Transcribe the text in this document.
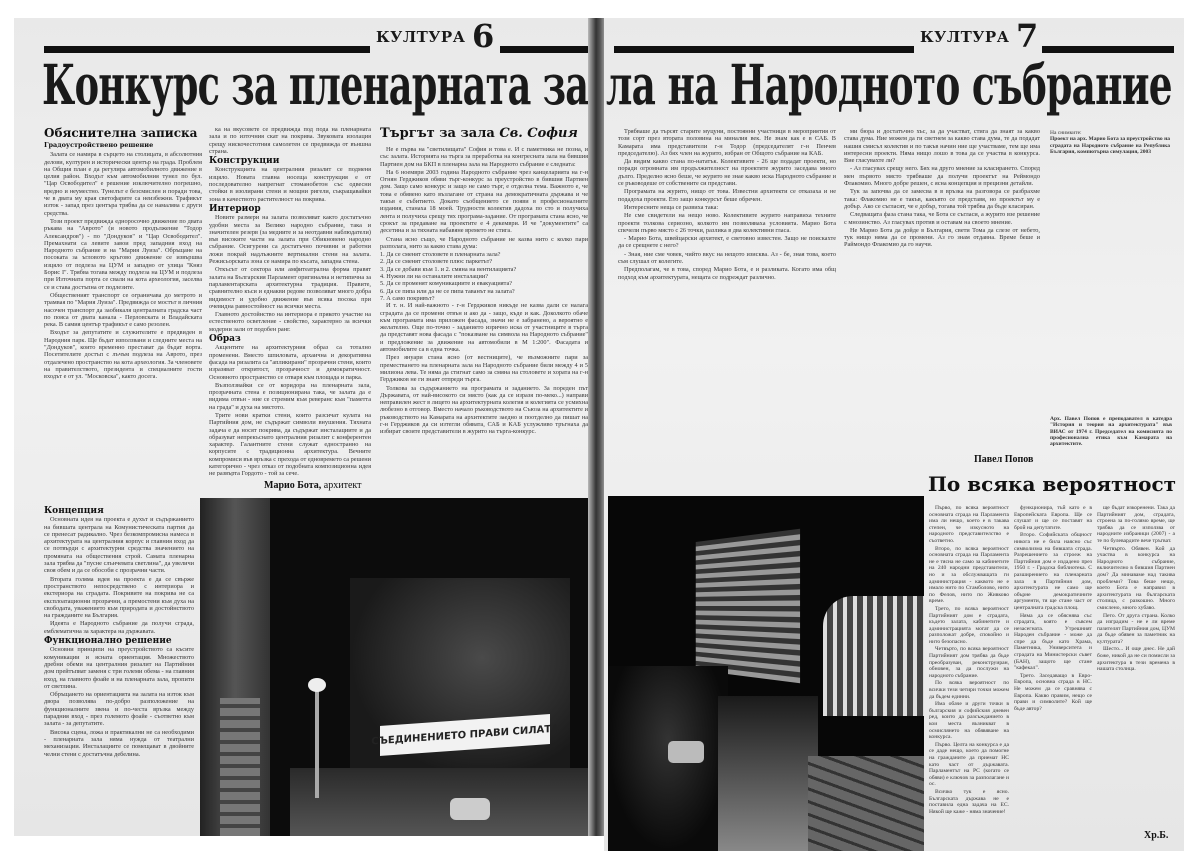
КУЛТУРА 6
Конкурс за пленарната за
Обяснителна записка
Градоустройствено решение

Залата се намира в сърцето на столицата, в абсолютния делови, културен и исторически център на града. Проблем на Общия план е да регулира автомобилното движение в целия район. Входът към автомобилния тунел по бул. "Цар Освободител" е решение изключително погрешно, вредно и неуместно. Тунелът е безсмислен и поради това, че в двата му края светофарите са неизбежни. Трафикът изток - запад през центъра трябва да се намалява с други средства.

Този проект предвижда едноpосочно движение по двата ръкава на "Аврото" (и новото продължение "Тодор Александров") - по "Дондуков" и "Цар Освободител". Премахнати са левите завои пред западния вход на Народното събрание и на "Мария Луиза". Обръщане на посоката за ъгловото кръгово движение се извършва изцяло от подлеза на ЦУМ и западно от улица "Княз Борис I". Трябва тогава между подлеза на ЦУМ и подлеза при Източната порта се свали на кота археология, заселва се и става достъпна от подлезите.

Общественият транспорт се ограничава до метрото и трамвая по "Мария Луиза". Предвижда се мостът в личния насочен транспорт да заобикаля централната градска част по пояса от двата канала - Перловската и Владайската река. В самия център трафикът е само резолен.

Входът за депутатите и служителите е предвиден в Народния парк. Ще бъдат използвани и следните места на "Дондуков", които временно престават да бъдат ворта. Посетителите достъп с лъчъм подлеза на Аврото, през отдалечено пространство на кота археология. За членовете на правителството, президента и специалните гости входът е от ул. "Московска", както досега.

Концепция

Основната идея на проекта е духът и съдържанието на бившата централа на Комунистическата партия да се пренесат радикално. Чрез безкомпромисна намеса в архитектурата на централния корпус и главния вход да се потвърди с архитектурни средства значението на промяната на обществения строй. Самата пленарна зала трябва да "пусне слънчевата светлина", да увеличи своя обем и да се обособи с прозрачни части.

Втората голяма идея на проекта е да се свърже пространството непосредствено с интериора и екстериора на сградата. Покривите на покрива не са експлоатационни прозрачни, а премостени към духа на свободата, уважението към природата и достойнството на гражданите на България.

Идеята е Народното събрание да получи сграда, емблематична за характера на държавата.

Функционално решение

Основни принципи на преустройството са късите комуникации и ясната ориентация. Множеството дребни обеми на централния ризалит на Партийния дом прейтъпват заменя с три големи обема - на главния вход, на главното фоайе и на пленарната зала, пропити от светлина.

Обръщането на ориентацията на залата на изток към двора позволява по-добро разположение на функционалните звена и по-честа връзка между парадния вход - през големото фоайе - съответно към залата - за депутатите.

Висока сцена, ложа и практикални не са необходими - пленарната зала няма нужда от театрални механизации. Инсталациите се помещават в двойните челни стени с достатъчна дебелина.

ка на вкусовете се предвижда под пода на пленарната зала и по източния скат на покрива. Звуковата изолация срещу нискочестотния самолетен се предвижда от външна страна.

Конструкции

Конструкцията на централния ризалит се подменя изцяло. Новата главна носеща конструкция е от последователно напрегнат стоманобетон със одвесни стойки в изолирани стени и мощни ригели, съкращавайки зона в качеството растителност на покрива.

Интериор

Новите размери на залата позволяват както достатъчно удобни места за Велико народно събрание, така и значителен резерв (за медиите и за неотдавни наблюдатели) във високите части на залата при Обикновено народно събрание. Осигурени са достатъчно почивни и работни ложи покрай надлъжните вертикални стени на залата. Режисьорската зона се намира по късата, западна стена.

Откъсът от сектора или амфитеатрална форма правят залата на Българския Парламент оригинална и нетипична за парламентарската архитектурна традиция. Правите, сравнително къси и еднакви редове позволяват много добра видимост и удобно движение във всяка посока при очевидна равностойност на всички места.

Главното достойнство на интериора е прякото участие на естественото осветление - свойство, характерно за всички модерни зали от подобен ранг.

Образ

Акцентите на архитектурния образ са тотално променени. Вместо шпиловата, архаична и декоративна фасада на ризалита са "апликирани" прозрачни стени, които изразяват откритост, прозрачност и демократичност. Основното пространство се отваря към площада и парка.

Възползвайки се от коридора на пленарната зала, прозрачната стена е позиционирана така, че залата да е видима отвън - ние се стремим към реверанс към "паметта на града" и духа на мястото.

Трите нови кратки стени, които разсичат кулата на Партийния дом, не съдържат символи внушения. Тяхната задача е да носят покрива, да съдържат инсталациите и да образуват непрекъснато централния ризалит с конферентен характер. Галантните стени служат едностранно на корпусите с традиционна архитектура. Вечните компромиси във връзка с прехода от едновремето са решени категорично - чрез отказ от подобната композиционна идея не развърта Гордото - той за сече.

Марио Бота, архитект
Търгът за зала Св. София

Не е първа на "светилищата" София и това е. И с паметника не позна, и със залата. Историята на търга за преработка на конгресната зала на бившия Партиен дом на БКП в пленарна зала на Народното събрание е следната:

На 6 ноември 2003 година Народното събрание чрез канцеларията на г-н Огнян Герджиков обяви търг-конкурс за преустройство в бившия Партиен дом. Защо само конкурс и защо не само търг, е отделна тема. Важното е, че това е обявено като възлагане от страна на демократичната държава и че такъв е събитието. Докато съобщението се появи в професионалните издания, станаха 18 моей. Трудности колектив дадоха по сто и получиха лента и получиха срещу тях програма-задание. От програмата стана ясно, че срокът за предаване на проектите е 4 декември. И че "документите" са десетина и за тяхната набавяне времето не стига.

Стана ясно също, че Народното събрание не казва нито с колко пари разполага, нито за какво става дума:

1. Да се сменят столовете в пленарната зала?
2. Да се сменят столовете плюс паркетът?
3. Да се добави към 1. и 2. смяна на вентилацията?
4. Нужни ли на останалите инсталации?
5. Да се променят комуникациите и евакуацията?
6. Да се пипа или да не се пипа таванът на залата?
7. А само покривът?

И т. н. И най-важното - г-н Герджиков никъде не казва дали се налага сградата да се промени отвън и ако да - защо, къде и как. Доколкото обаче към програмата има приложен фасада, значи не е забранено, а вероятно е желателно. Още по-точно - заданието изрично иска от участниците в търга да представят нова фасада с "показване на символа на Народното събрание" и предложение за движение на автомобили в М 1:200". Фасадата и автомобилите са в една точка.

През януари стана ясно (от вестниците), че възможните пари за преместването на пленарната зала на Народното събрание били между 4 и 5 милиона лева. Те няма да стигнат само за смяна на столовете и хората на г-н Герджиков не ги знаят отпреди търга.

Толкова за съдържанието на програмата и заданието. За пореден път Държавата, от най-високото си място (как да се изразя по-меко...) направи неправилен жест в лицето на архитектурната колегия и колегията се усмихна любезно в отговор. Вместо начало ръководството на Съюза на архитектите и ръководството на Камарата на архитектите заедно и поотделно да пишат на г-н Герджиков да си изтегли обявата, САБ и КАБ услужливо тръгнаха да избират своите представители в журито на търга-конкурс.

СЪЕДИНЕНИЕТО ПРАВИ СИЛАТА
КУЛТУРА 7
ла на Народното събрание

Трябваше да търсят старите муцуни, постоянни участници в мероприятия от този сорт през втората половина на миналия век. Не знам как е в САБ. В Камарата има представители г-н Тодор (председателят г-н Пенчев председателю). Аз бях член на журито, избран от Общото събрание на КАБ.

Да видим какво стана по-нататък. Колективите - 26 ще подадат проекти, но поради огромната им продължителност на проектите журито заседава много дълго. Пределно ясно беше, че журито не знае какво иска Народното събрание и се ръководеше от собствените си представи.

Програмата на журито, нищо от това. Известни архитекти се отказаха и не подадоха проекти. Ето защо конкурсът беше обречен.

Интересните неща се развиха така:

Не сме свидетели на нещо ново. Колективите журито направиха техните проекти толкова сериозно, колкото им позволяваха условията. Марио Бота спечели първо място с 26 точки, разлика в два колективни гласа.

- Марио Бота, швейцарски архитект, е световно известен. Защо не поискахте да се срещнете с него?

- Зная, ние сме човек, чийто вкус на нещото изисква. Аз - бе, зная това, което съм слушал от колегите.

Предполагам, че в това, според Марио Бота, е и разликата. Когато има общ подход към архитектурата, нещата се подреждат различно.

ми бюра и достатъчно хъс, за да участват, стига да знаят за какво става дума. Ние можем да ги светнем за какво става дума, те да подадат нашия смисъл колектив и по такъв начин ние ще участваме, тем ще има интересни проекти. Няма нищо лошо в това да се участва в конкурса. Вие гласувахте ли?

- Аз гласувах срещу него. Бях на друго мнение за класирането. Според мен първото място трябваше да получи проектът на Реймондо Флакомио. Много добре решен, с ясна концепция и прецизни детайли.

Тук за започва да се замесва в в връзка на разговора се разбрахме така: Флакомио не е такъв, какъвто се представя, но проектът му е добър. Ако се съгласят, че е добър, тогава той трябва да бъде класиран.

Следващата фаза стана така, че Бота се съгласи, а журито взе решение с мнозинство. Аз гласувах против и оставам на своето мнение.

Не Марио Бота да дойде в България, свети Тома да слезе от небето, тук нищо няма да се промени. Аз го знам отдавна. Време беше и Раймондо Флакомио да го научи.

Павел Попов
На снимките:
Проект на арх. Марио Бота за преустройство на сградата на Народното събрание на Република България, компютърна симулация, 2003
Арх. Павел Попов е преподавател в катедра "История и теория на архитектурата" във ВИАС от 1974 г. Председател на комисията по професионална етика към Камарата на архитектите.
По всяка вероятност

Първо, по всяка вероятност основната сграда на Парламента има ли нещо, което е в такава степен, че изкусното на народното представителство е съответно.

Второ, по всяка вероятност основната сграда на Парламента не е тясна не само за кабинетите на 240 народни представители, но и за обслужващата ги администрация - каквото не е имало нито по Стамболово, нито по Фелов, нито по Живково време.

Трето, по всяка вероятност Партийният дом е сградата, където залата, кабинетите и администрацията могат да се разположат добре, спокойно и нито безопасно.

Четвърто, по всяка вероятност Партийният дом трябва да бъде преобразуван, реконструиран, обновен, за да послужи на народното събрание.

По всяка вероятност по всички тези четири точки можем да бъдем единни.

Има обаче и други точки в българския и софийския дневен ред, които да разсъжданието в кои места възникват в осмислянето на обявяване на конкурса.

Първо. Целта на конкурса е да се даде нещо, което да помогне на гражданите да приемат НС като част от държавата. Парламентът на РС (когато се обяви) е ключов за разполагане и ос.

Всичко тук е ясно. Българската държава не е поставила една задача на ЕС. Някой ще каже - няма значение!

функционира, тъй като е в Европейската Европа. Ще се слушат и ще се поставят на брой на депутатите.

Второ. Софийската общност никога не е била наясно със символизма на бившата сграда. Разрешението за строеж на Партийния дом е издадено през 1950 г. - Градска библиотека. С разширението на пленарната зала в Партийния дом, архитектурата не само ще обърне демократичните аргументи, тя ще стане част от централната градска площ.

Няма да се обяснява със сградата, която е съвсем незасегната. Утрешният Народен събрание - може да спре да бъде като Храма, Паметника, Университета и сградата на Министерски съвет (БАН), защото ще стане "кафекал".

Трето. Заседаващо в Евро-Европа, основна сграда в НС. Не можем да се сравнява с Европа. Какво правим, нещо се прави и символите? Кой ще бъде автор?

ще бъдат изкоренени. Така да Партийният дом, сградата, строена за по-голямо време, ще трябва да се използва от народните избраници (2007) - а те по булевардите вече тръгват.

Четвърто. Обявен. Кой да участва в конкурса на Народното събрание, включително в бившия Партиен дом? Да минаваме над такива проблеми? Това беше нещо, което Бота е направил в архитектурата на българската столица, с разкошно. Много смислено, много хубаво.

Пето. От друга страна. Колко да изградим - не е ли време пазителят Партийния дом, ЦУМ да бъде обявен за паметник на културата?

Шесто... И още днес. Не дай боже, никой да не си помисли за архитектура в тези времена в нашата столица.

Хр.Б.
